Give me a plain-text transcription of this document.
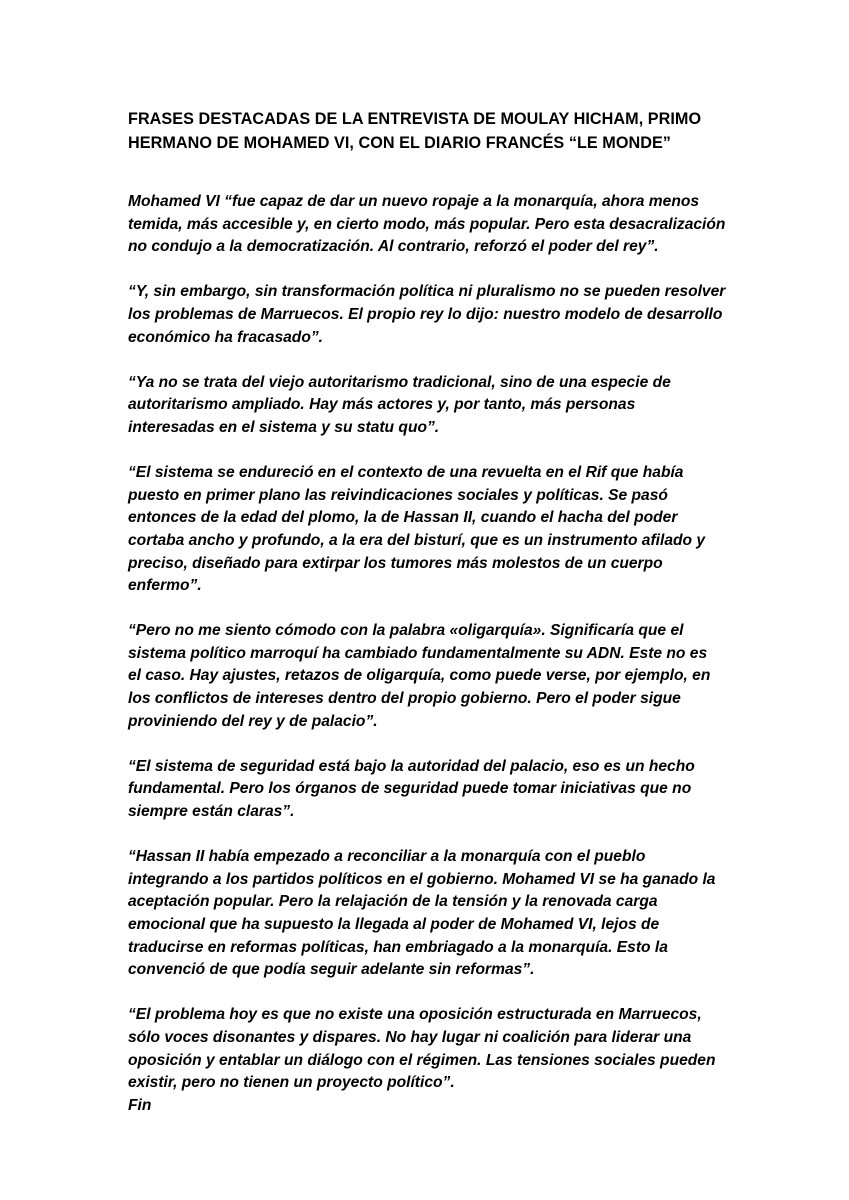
FRASES DESTACADAS DE LA ENTREVISTA DE MOULAY HICHAM, PRIMO
HERMANO DE MOHAMED VI, CON EL DIARIO FRANCÉS “LE MONDE”

Mohamed VI “fue capaz de dar un nuevo ropaje a la monarquía, ahora menos
temida, más accesible y, en cierto modo, más popular. Pero esta desacralización
no condujo a la democratización. Al contrario, reforzó el poder del rey”.

“Y, sin embargo, sin transformación política ni pluralismo no se pueden resolver
los problemas de Marruecos. El propio rey lo dijo: nuestro modelo de desarrollo
económico ha fracasado”.

“Ya no se trata del viejo autoritarismo tradicional, sino de una especie de
autoritarismo ampliado. Hay más actores y, por tanto, más personas
interesadas en el sistema y su statu quo”.

“El sistema se endureció en el contexto de una revuelta en el Rif que había
puesto en primer plano las reivindicaciones sociales y políticas. Se pasó
entonces de la edad del plomo, la de Hassan II, cuando el hacha del poder
cortaba ancho y profundo, a la era del bisturí, que es un instrumento afilado y
preciso, diseñado para extirpar los tumores más molestos de un cuerpo
enfermo”.

“Pero no me siento cómodo con la palabra «oligarquía». Significaría que el
sistema político marroquí ha cambiado fundamentalmente su ADN. Este no es
el caso. Hay ajustes, retazos de oligarquía, como puede verse, por ejemplo, en
los conflictos de intereses dentro del propio gobierno. Pero el poder sigue
proviniendo del rey y de palacio”.

“El sistema de seguridad está bajo la autoridad del palacio, eso es un hecho
fundamental. Pero los órganos de seguridad puede tomar iniciativas que no
siempre están claras”.

“Hassan II había empezado a reconciliar a la monarquía con el pueblo
integrando a los partidos políticos en el gobierno. Mohamed VI se ha ganado la
aceptación popular. Pero la relajación de la tensión y la renovada carga
emocional que ha supuesto la llegada al poder de Mohamed VI, lejos de
traducirse en reformas políticas, han embriagado a la monarquía. Esto la
convenció de que podía seguir adelante sin reformas”.

“El problema hoy es que no existe una oposición estructurada en Marruecos,
sólo voces disonantes y dispares. No hay lugar ni coalición para liderar una
oposición y entablar un diálogo con el régimen. Las tensiones sociales pueden
existir, pero no tienen un proyecto político”.

Fin
